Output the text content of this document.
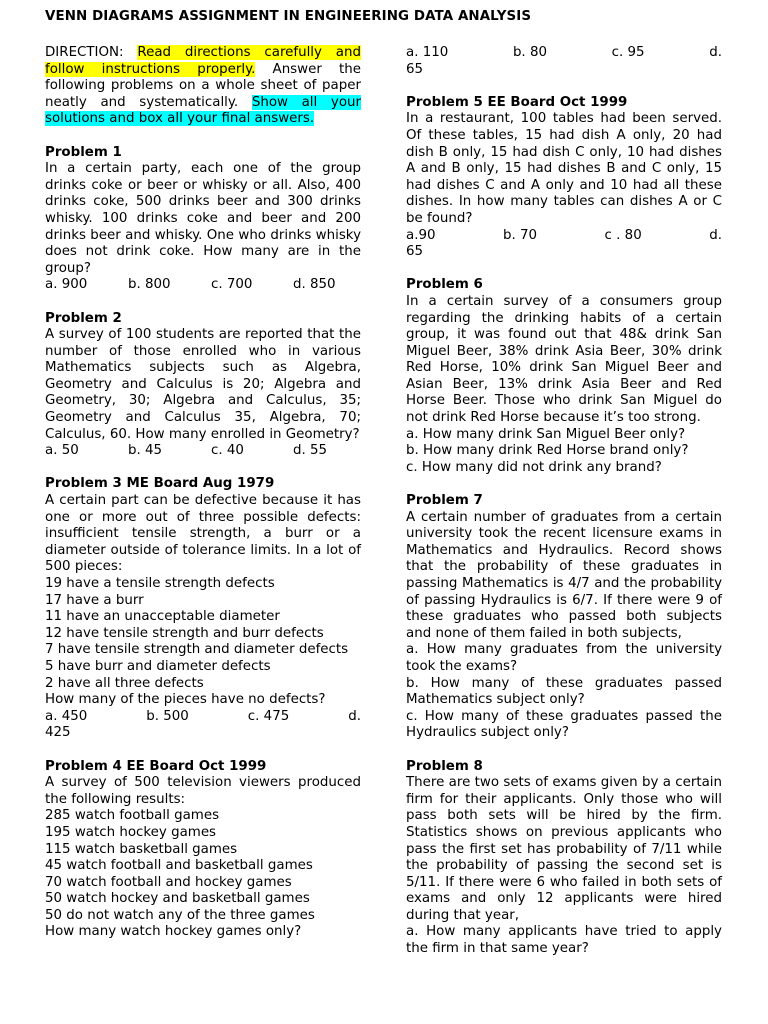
VENN DIAGRAMS ASSIGNMENT IN ENGINEERING DATA ANALYSIS
DIRECTION: Read directions carefully and follow instructions properly. Answer the following problems on a whole sheet of paper neatly and systematically. Show all your solutions and box all your final answers.

Problem 1

In a certain party, each one of the group drinks coke or beer or whisky or all. Also, 400 drinks coke, 500 drinks beer and 300 drinks whisky. 100 drinks coke and beer and 200 drinks beer and whisky. One who drinks whisky does not drink coke. How many are in the group?

a. 900	b. 800	c. 700	d. 850

Problem 2

A survey of 100 students are reported that the number of those enrolled who in various Mathematics subjects such as Algebra, Geometry and Calculus is 20; Algebra and Geometry, 30; Algebra and Calculus, 35; Geometry and Calculus 35, Algebra, 70; Calculus, 60. How many enrolled in Geometry?

a. 50	b. 45	c. 40	d. 55

Problem 3 ME Board Aug 1979

A certain part can be defective because it has one or more out of three possible defects: insufficient tensile strength, a burr or a diameter outside of tolerance limits. In a lot of 500 pieces:

19 have a tensile strength defects

17 have a burr

11 have an unacceptable diameter

12 have tensile strength and burr defects

7 have tensile strength and diameter defects

5 have burr and diameter defects

2 have all three defects

How many of the pieces have no defects?

a. 450	b. 500	c. 475	d.

425

Problem 4 EE Board Oct 1999

A survey of 500 television viewers produced the following results:

285 watch football games

195 watch hockey games

115 watch basketball games

45 watch football and basketball games

70 watch football and hockey games

50 watch hockey and basketball games

50 do not watch any of the three games

How many watch hockey games only?

a. 110	b. 80	c. 95	d.

65

Problem 5 EE Board Oct 1999

In a restaurant, 100 tables had been served. Of these tables, 15 had dish A only, 20 had dish B only, 15 had dish C only, 10 had dishes A and B only, 15 had dishes B and C only, 15 had dishes C and A only and 10 had all these dishes. In how many tables can dishes A or C be found?

a.90	b. 70	c . 80	d.

65

Problem 6

In a certain survey of a consumers group regarding the drinking habits of a certain group, it was found out that 48& drink San Miguel Beer, 38% drink Asia Beer, 30% drink Red Horse, 10% drink San Miguel Beer and Asian Beer, 13% drink Asia Beer and Red Horse Beer. Those who drink San Miguel do not drink Red Horse because it’s too strong.

a. How many drink San Miguel Beer only?

b. How many drink Red Horse brand only?

c. How many did not drink any brand?

Problem 7

A certain number of graduates from a certain university took the recent licensure exams in Mathematics and Hydraulics. Record shows that the probability of these graduates in passing Mathematics is 4/7 and the probability of passing Hydraulics is 6/7. If there were 9 of these graduates who passed both subjects and none of them failed in both subjects,

a. How many graduates from the university took the exams?

b. How many of these graduates passed Mathematics subject only?

c. How many of these graduates passed the Hydraulics subject only?

Problem 8

There are two sets of exams given by a certain firm for their applicants. Only those who will pass both sets will be hired by the firm. Statistics shows on previous applicants who pass the first set has probability of 7/11 while the probability of passing the second set is 5/11. If there were 6 who failed in both sets of exams and only 12 applicants were hired during that year,

a. How many applicants have tried to apply the firm in that same year?
